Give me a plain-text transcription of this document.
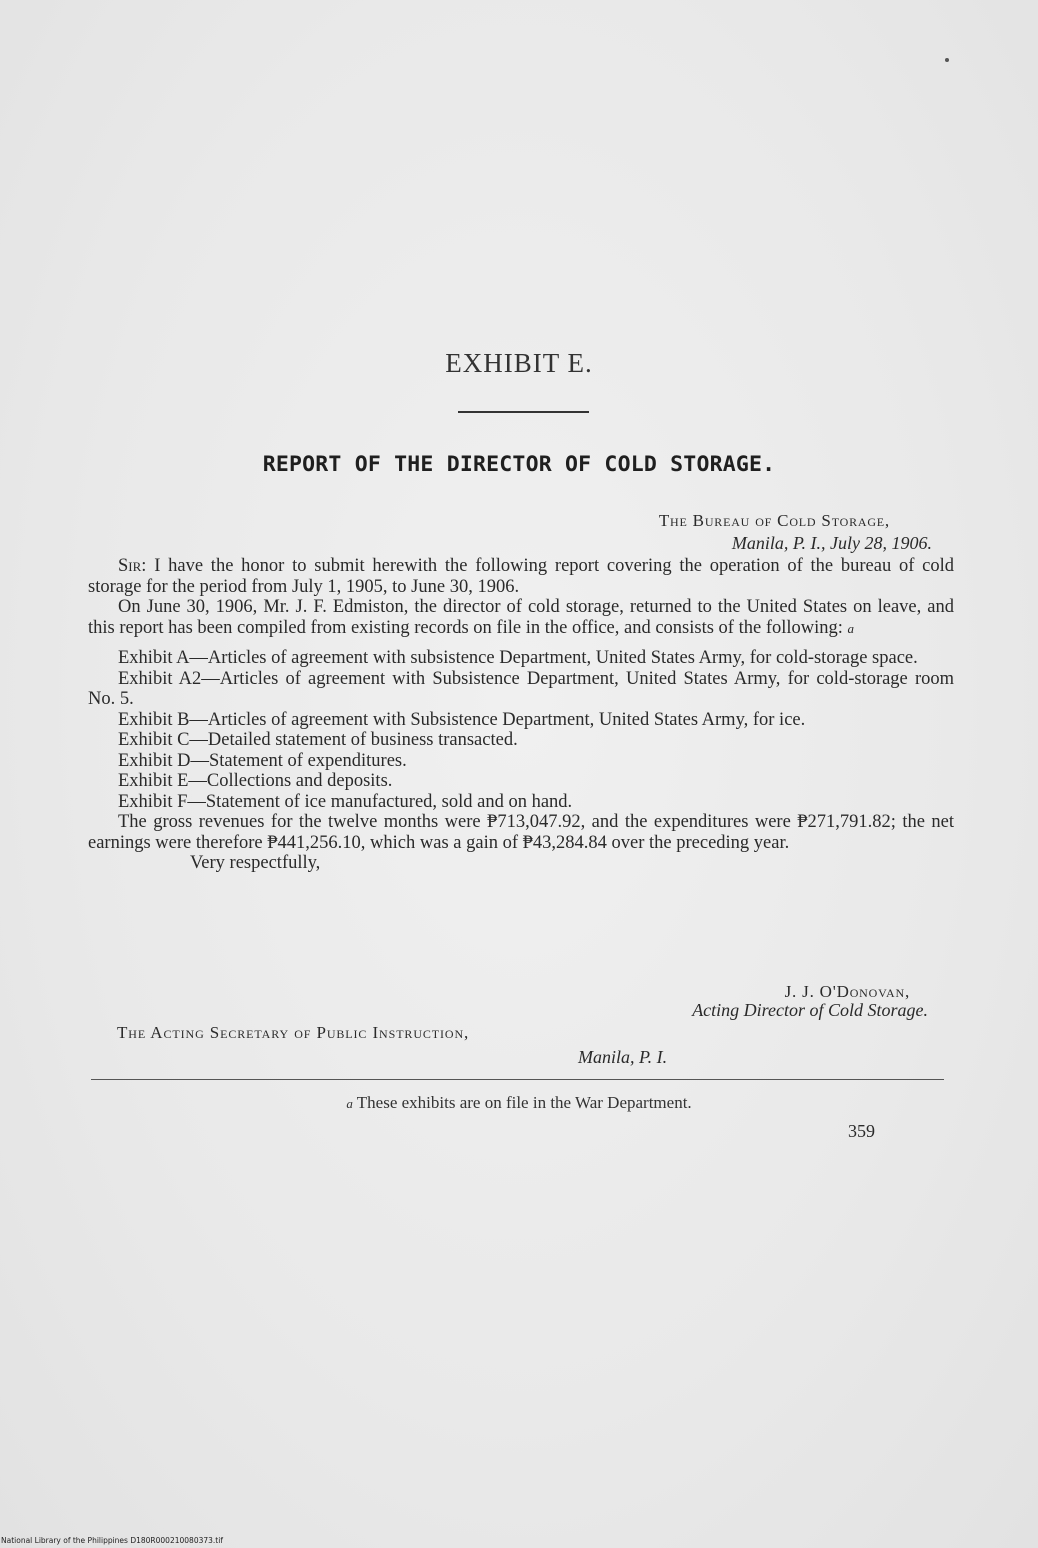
EXHIBIT E.
REPORT OF THE DIRECTOR OF COLD STORAGE.
The Bureau of Cold Storage,
Manila, P. I., July 28, 1906.

Sir: I have the honor to submit herewith the following report covering the operation of the bureau of cold storage for the period from July 1, 1905, to June 30, 1906.

On June 30, 1906, Mr. J. F. Edmiston, the director of cold storage, returned to the United States on leave, and this report has been compiled from existing records on file in the office, and consists of the following: a

Exhibit A—Articles of agreement with subsistence Department, United States Army, for cold-storage space.

Exhibit A2—Articles of agreement with Subsistence Department, United States Army, for cold-storage room No. 5.

Exhibit B—Articles of agreement with Subsistence Department, United States Army, for ice.

Exhibit C—Detailed statement of business transacted.

Exhibit D—Statement of expenditures.

Exhibit E—Collections and deposits.

Exhibit F—Statement of ice manufactured, sold and on hand.

The gross revenues for the twelve months were ₱713,047.92, and the expenditures were ₱271,791.82; the net earnings were therefore ₱441,256.10, which was a gain of ₱43,284.84 over the preceding year.

Very respectfully,

J. J. O'Donovan,
Acting Director of Cold Storage.
The Acting Secretary of Public Instruction,
Manila, P. I.
a These exhibits are on file in the War Department.
359
National Library of the Philippines D180R000210080373.tif
